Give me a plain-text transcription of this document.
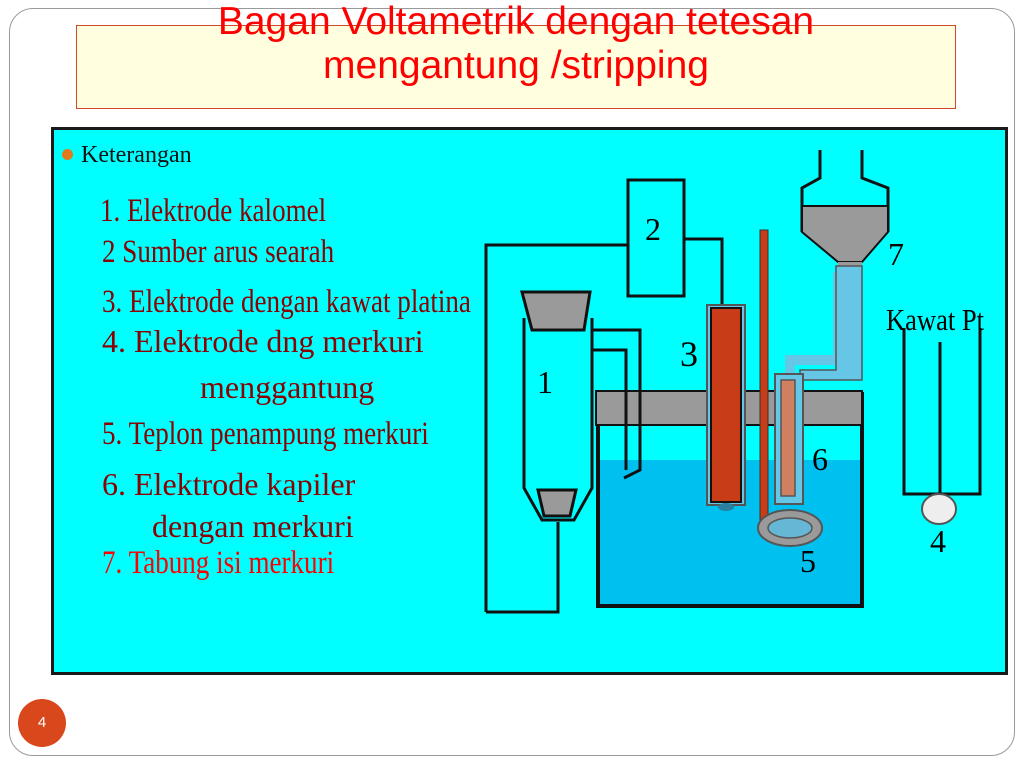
Bagan Voltametrik dengan tetesan
mengantung /stripping
Keterangan
1. Elektrode kalomel
2 Sumber arus searah
3. Elektrode dengan kawat platina
4. Elektrode dng merkuri
menggantung
5. Teplon penampung merkuri
6. Elektrode kapiler
dengan merkuri
7. Tabung isi merkuri
1
2
3
4
5
6
7
Kawat Pt
4
